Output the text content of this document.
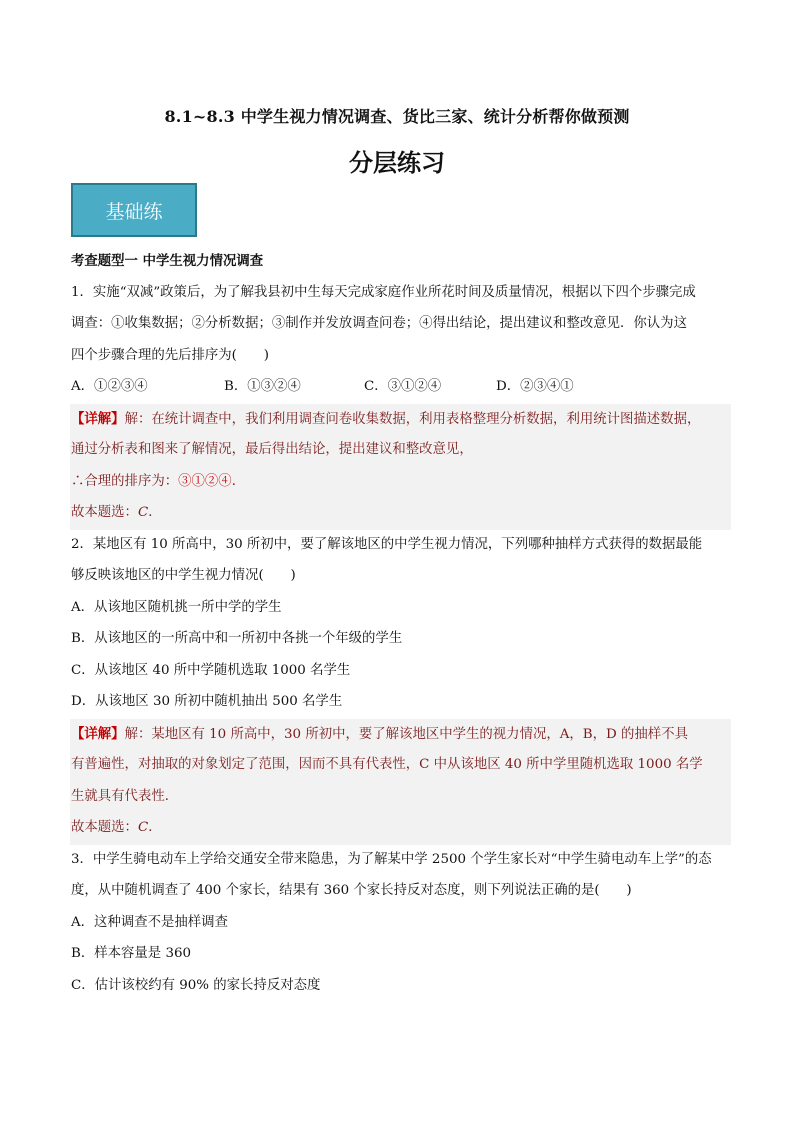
8.1~8.3 中学生视力情况调查、货比三家、统计分析帮你做预测
分层练习
基础练
考查题型一 中学生视力情况调查
1．实施“双减”政策后，为了解我县初中生每天完成家庭作业所花时间及质量情况，根据以下四个步骤完成
调查：①收集数据；②分析数据；③制作并发放调查问卷；④得出结论，提出建议和整改意见．你认为这
四个步骤合理的先后排序为(　　)
A．①②③④	B．①③②④	C．③①②④	D．②③④①
【详解】解：在统计调查中，我们利用调查问卷收集数据，利用表格整理分析数据，利用统计图描述数据，
通过分析表和图来了解情况，最后得出结论，提出建议和整改意见，
∴合理的排序为：③①②④．
故本题选：C．
2．某地区有 10 所高中，30 所初中，要了解该地区的中学生视力情况，下列哪种抽样方式获得的数据最能
够反映该地区的中学生视力情况(　　)
A．从该地区随机挑一所中学的学生
B．从该地区的一所高中和一所初中各挑一个年级的学生
C．从该地区 40 所中学随机选取 1000 名学生
D．从该地区 30 所初中随机抽出 500 名学生
【详解】解：某地区有 10 所高中，30 所初中，要了解该地区中学生的视力情况，A，B，D 的抽样不具
有普遍性，对抽取的对象划定了范围，因而不具有代表性，C 中从该地区 40 所中学里随机选取 1000 名学
生就具有代表性．
故本题选：C．
3．中学生骑电动车上学给交通安全带来隐患，为了解某中学 2500 个学生家长对“中学生骑电动车上学”的态
度，从中随机调查了 400 个家长，结果有 360 个家长持反对态度，则下列说法正确的是(　　)
A．这种调查不是抽样调查
B．样本容量是 360
C．估计该校约有 90% 的家长持反对态度
